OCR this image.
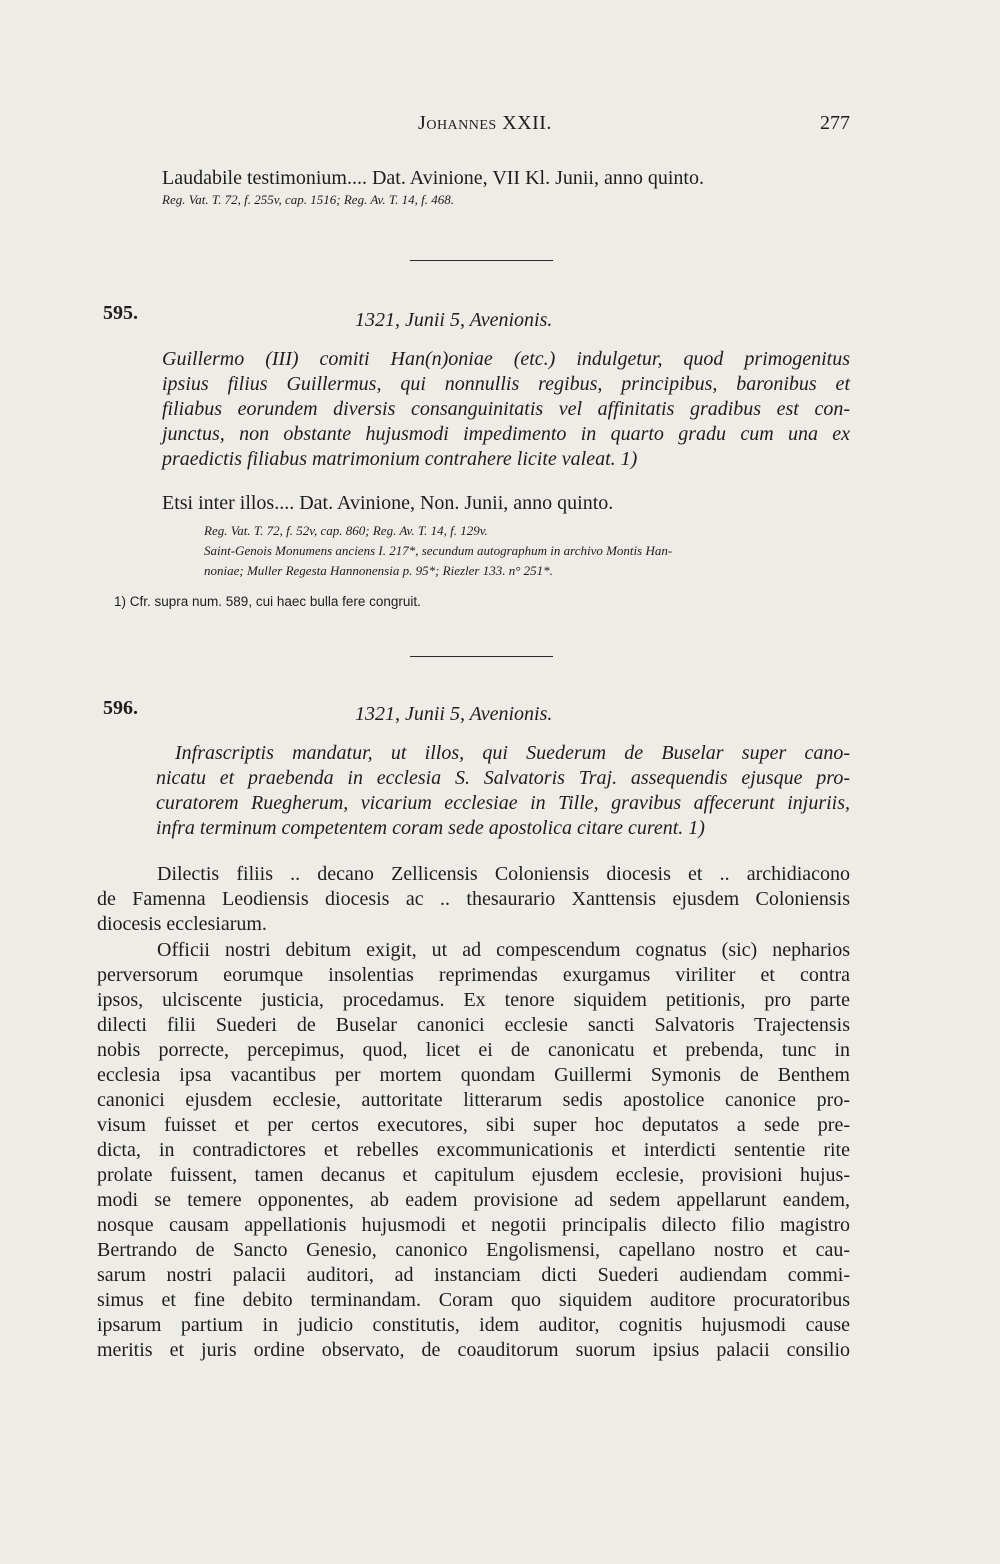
Johannes XXII.	277
Laudabile testimonium.... Dat. Avinione, VII Kl. Junii, anno quinto.
Reg. Vat. T. 72, f. 255v, cap. 1516; Reg. Av. T. 14, f. 468.
595.	1321, Junii 5, Avenionis.
Guillermo (III) comiti Han(n)oniae (etc.) indulgetur, quod primogenitus
ipsius filius Guillermus, qui nonnullis regibus, principibus, baronibus et
filiabus eorundem diversis consanguinitatis vel affinitatis gradibus est con-
junctus, non obstante hujusmodi impedimento in quarto gradu cum una ex
praedictis filiabus matrimonium contrahere licite valeat. 1)
Etsi inter illos.... Dat. Avinione, Non. Junii, anno quinto.
Reg. Vat. T. 72, f. 52v, cap. 860; Reg. Av. T. 14, f. 129v.
Saint-Genois Monumens anciens I. 217*, secundum autographum in archivo Montis Han-
noniae; Muller Regesta Hannonensia p. 95*; Riezler 133. n° 251*.
1) Cfr. supra num. 589, cui haec bulla fere congruit.
596.	1321, Junii 5, Avenionis.
Infrascriptis mandatur, ut illos, qui Suederum de Buselar super cano-
nicatu et praebenda in ecclesia S. Salvatoris Traj. assequendis ejusque pro-
curatorem Ruegherum, vicarium ecclesiae in Tille, gravibus affecerunt injuriis,
infra terminum competentem coram sede apostolica citare curent. 1)
Dilectis filiis .. decano Zellicensis Coloniensis diocesis et .. archidiacono
de Famenna Leodiensis diocesis ac .. thesaurario Xanttensis ejusdem Coloniensis
diocesis ecclesiarum.
Officii nostri debitum exigit, ut ad compescendum cognatus (sic) nepharios
perversorum eorumque insolentias reprimendas exurgamus viriliter et contra
ipsos, ulciscente justicia, procedamus. Ex tenore siquidem petitionis, pro parte
dilecti filii Suederi de Buselar canonici ecclesie sancti Salvatoris Trajectensis
nobis porrecte, percepimus, quod, licet ei de canonicatu et prebenda, tunc in
ecclesia ipsa vacantibus per mortem quondam Guillermi Symonis de Benthem
canonici ejusdem ecclesie, auttoritate litterarum sedis apostolice canonice pro-
visum fuisset et per certos executores, sibi super hoc deputatos a sede pre-
dicta, in contradictores et rebelles excommunicationis et interdicti sententie rite
prolate fuissent, tamen decanus et capitulum ejusdem ecclesie, provisioni hujus-
modi se temere opponentes, ab eadem provisione ad sedem appellarunt eandem,
nosque causam appellationis hujusmodi et negotii principalis dilecto filio magistro
Bertrando de Sancto Genesio, canonico Engolismensi, capellano nostro et cau-
sarum nostri palacii auditori, ad instanciam dicti Suederi audiendam commi-
simus et fine debito terminandam. Coram quo siquidem auditore procuratoribus
ipsarum partium in judicio constitutis, idem auditor, cognitis hujusmodi cause
meritis et juris ordine observato, de coauditorum suorum ipsius palacii consilio
